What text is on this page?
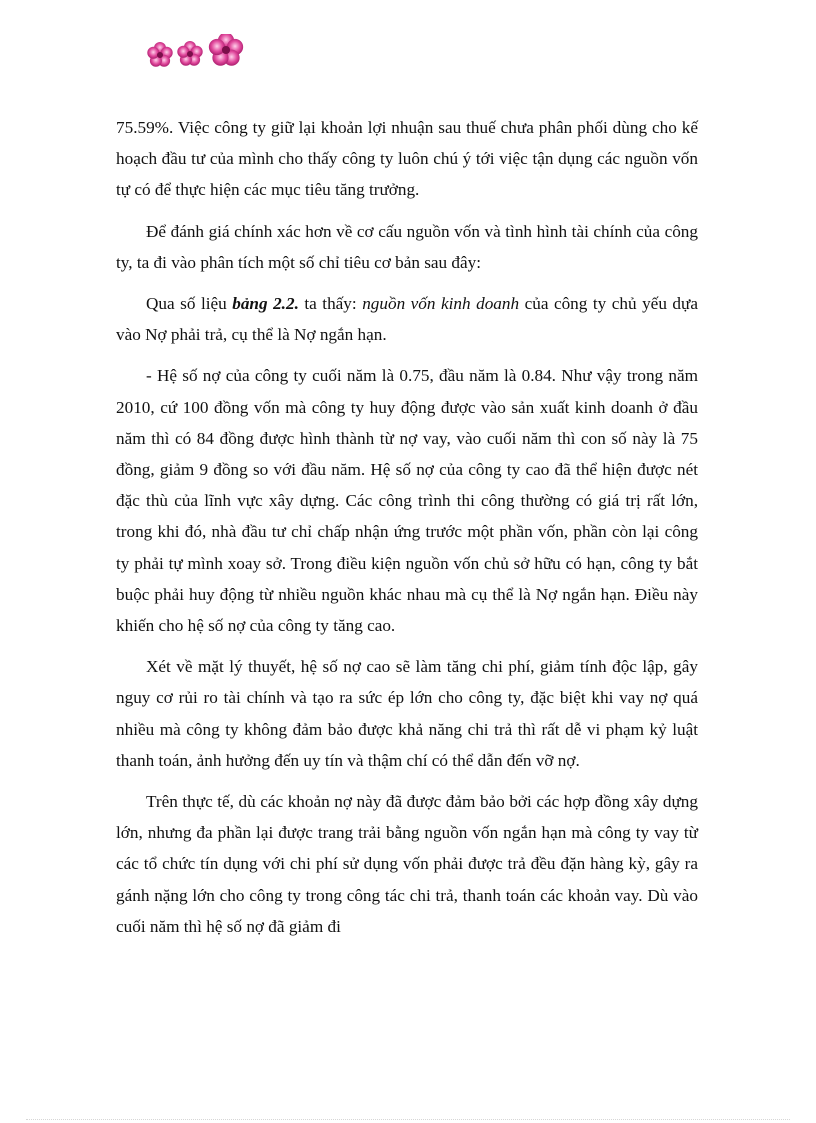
75.59%. Việc công ty giữ lại khoản lợi nhuận sau thuế chưa phân phối dùng cho kế hoạch đầu tư của mình cho thấy công ty luôn chú ý tới việc tận dụng các nguồn vốn tự có để thực hiện các mục tiêu tăng trưởng.

Để đánh giá chính xác hơn về cơ cấu nguồn vốn và tình hình tài chính của công ty, ta đi vào phân tích một số chỉ tiêu cơ bản sau đây:

Qua số liệu bảng 2.2. ta thấy: nguồn vốn kinh doanh của công ty chủ yếu dựa vào Nợ phải trả, cụ thể là Nợ ngắn hạn.

- Hệ số nợ của công ty cuối năm là 0.75, đầu năm là 0.84. Như vậy trong năm 2010, cứ 100 đồng vốn mà công ty huy động được vào sản xuất kinh doanh ở đầu năm thì có 84 đồng được hình thành từ nợ vay, vào cuối năm thì con số này là 75 đồng, giảm 9 đồng so với đầu năm. Hệ số nợ của công ty cao đã thể hiện được nét đặc thù của lĩnh vực xây dựng. Các công trình thi công thường có giá trị rất lớn, trong khi đó, nhà đầu tư chỉ chấp nhận ứng trước một phần vốn, phần còn lại công ty phải tự mình xoay sở. Trong điều kiện nguồn vốn chủ sở hữu có hạn, công ty bắt buộc phải huy động từ nhiều nguồn khác nhau mà cụ thể là Nợ ngắn hạn. Điều này khiến cho hệ số nợ của công ty tăng cao.

Xét về mặt lý thuyết, hệ số nợ cao sẽ làm tăng chi phí, giảm tính độc lập, gây nguy cơ rủi ro tài chính và tạo ra sức ép lớn cho công ty, đặc biệt khi vay nợ quá nhiều mà công ty không đảm bảo được khả năng chi trả thì rất dễ vi phạm kỷ luật thanh toán, ảnh hưởng đến uy tín và thậm chí có thể dẫn đến vỡ nợ.

Trên thực tế, dù các khoản nợ này đã được đảm bảo bởi các hợp đồng xây dựng lớn, nhưng đa phần lại được trang trải bằng nguồn vốn ngắn hạn mà công ty vay từ các tổ chức tín dụng với chi phí sử dụng vốn phải được trả đều đặn hàng kỳ, gây ra gánh nặng lớn cho công ty trong công tác chi trả, thanh toán các khoản vay. Dù vào cuối năm thì hệ số nợ đã giảm đi
